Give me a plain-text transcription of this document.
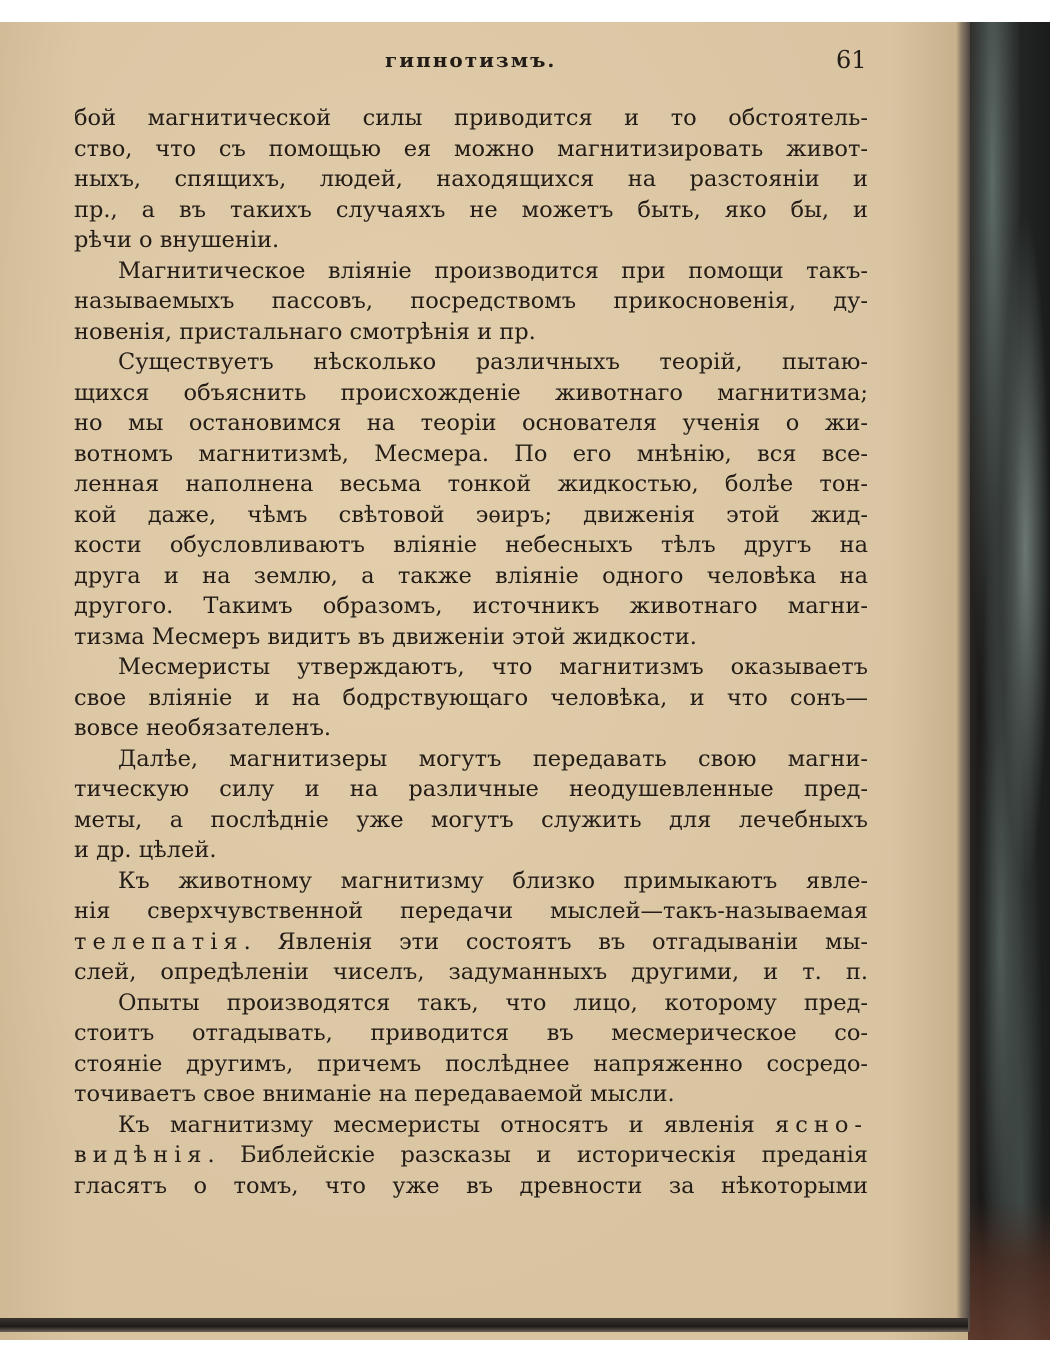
гипнотизмъ.	61
бой магнитической силы приводится и то обстоятель-
ство, что съ помощью ея можно магнитизировать живот-
ныхъ, спящихъ, людей, находящихся на разстояніи и
пр., а въ такихъ случаяхъ не можетъ быть, яко бы, и
рѣчи о внушеніи.
Магнитическое вліяніе производится при помощи такъ-
называемыхъ пассовъ, посредствомъ прикосновенія, ду-
новенія, пристальнаго смотрѣнія и пр.
Существуетъ нѣсколько различныхъ теорій, пытаю-
щихся объяснить происхожденіе животнаго магнитизма;
но мы остановимся на теоріи основателя ученія о жи-
вотномъ магнитизмѣ, Месмера. По его мнѣнію, вся все-
ленная наполнена весьма тонкой жидкостью, болѣе тон-
кой даже, чѣмъ свѣтовой эѳиръ; движенія этой жид-
кости обусловливаютъ вліяніе небесныхъ тѣлъ другъ на
друга и на землю, а также вліяніе одного человѣка на
другого. Такимъ образомъ, источникъ животнаго магни-
тизма Месмеръ видитъ въ движеніи этой жидкости.
Месмеристы утверждаютъ, что магнитизмъ оказываетъ
свое вліяніе и на бодрствующаго человѣка, и что сонъ—
вовсе необязателенъ.
Далѣе, магнитизеры могутъ передавать свою магни-
тическую силу и на различные неодушевленные пред-
меты, а послѣдніе уже могутъ служить для лечебныхъ
и др. цѣлей.
Къ животному магнитизму близко примыкаютъ явле-
нія сверхчувственной передачи мыслей—такъ-называемая
телепатія. Явленія эти состоятъ въ отгадываніи мы-
слей, опредѣленіи чиселъ, задуманныхъ другими, и т. п.
Опыты производятся такъ, что лицо, которому пред-
стоитъ отгадывать, приводится въ месмерическое со-
стояніе другимъ, причемъ послѣднее напряженно сосредо-
точиваетъ свое вниманіе на передаваемой мысли.
Къ магнитизму месмеристы относятъ и явленія ясно-
видѣнія. Библейскіе разсказы и историческія преданія
гласятъ о томъ, что уже въ древности за нѣкоторыми
